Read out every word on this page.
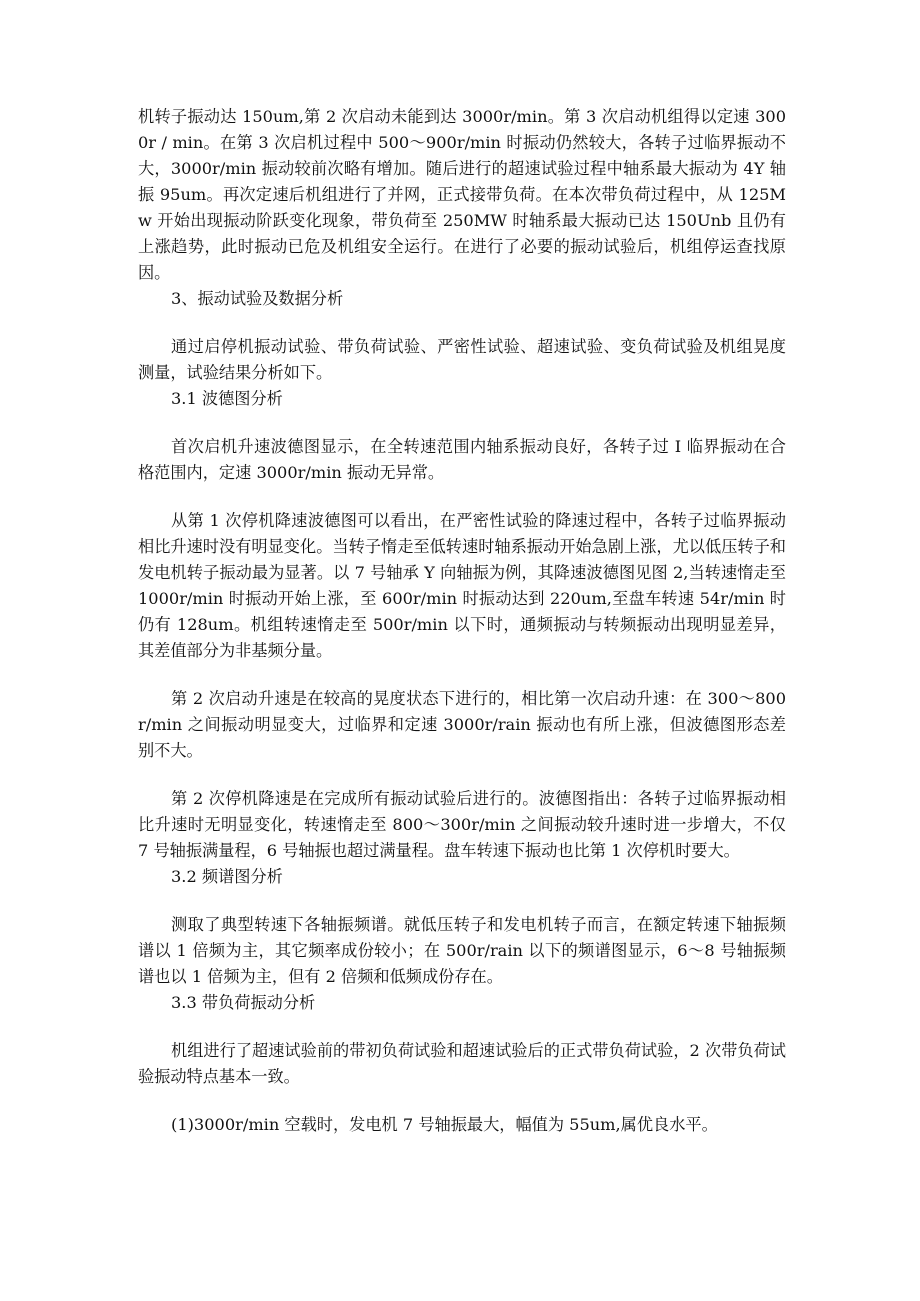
机转子振动达 150um,第 2 次启动未能到达 3000r/min。第 3 次启动机组得以定速 3000r / min。在第 3 次启机过程中 500～900r/min 时振动仍然较大，各转子过临界振动不大，3000r/min 振动较前次略有增加。随后进行的超速试验过程中轴系最大振动为 4Y 轴振 95um。再次定速后机组进行了并网，正式接带负荷。在本次带负荷过程中，从 125Mw 开始出现振动阶跃变化现象，带负荷至 250MW 时轴系最大振动已达 150Unb 且仍有上涨趋势，此时振动已危及机组安全运行。在进行了必要的振动试验后，机组停运查找原因。

3、振动试验及数据分析

通过启停机振动试验、带负荷试验、严密性试验、超速试验、变负荷试验及机组晃度测量，试验结果分析如下。

3.1 波德图分析

首次启机升速波德图显示，在全转速范围内轴系振动良好，各转子过 I 临界振动在合格范围内，定速 3000r/min 振动无异常。

从第 1 次停机降速波德图可以看出，在严密性试验的降速过程中，各转子过临界振动相比升速时没有明显变化。当转子惰走至低转速时轴系振动开始急剧上涨，尤以低压转子和发电机转子振动最为显著。以 7 号轴承 Y 向轴振为例，其降速波德图见图 2,当转速惰走至 1000r/min 时振动开始上涨，至 600r/min 时振动达到 220um,至盘车转速 54r/min 时仍有 128um。机组转速惰走至 500r/min 以下时，通频振动与转频振动出现明显差异，其差值部分为非基频分量。

第 2 次启动升速是在较高的晃度状态下进行的，相比第一次启动升速：在 300～800r/min 之间振动明显变大，过临界和定速 3000r/rain 振动也有所上涨，但波德图形态差别不大。

第 2 次停机降速是在完成所有振动试验后进行的。波德图指出：各转子过临界振动相比升速时无明显变化，转速惰走至 800～300r/min 之间振动较升速时进一步增大，不仅 7 号轴振满量程，6 号轴振也超过满量程。盘车转速下振动也比第 1 次停机时要大。

3.2 频谱图分析

测取了典型转速下各轴振频谱。就低压转子和发电机转子而言，在额定转速下轴振频谱以 1 倍频为主，其它频率成份较小；在 500r/rain 以下的频谱图显示，6～8 号轴振频谱也以 1 倍频为主，但有 2 倍频和低频成份存在。

3.3 带负荷振动分析

机组进行了超速试验前的带初负荷试验和超速试验后的正式带负荷试验，2 次带负荷试验振动特点基本一致。

(1)3000r/min 空载时，发电机 7 号轴振最大，幅值为 55um,属优良水平。
